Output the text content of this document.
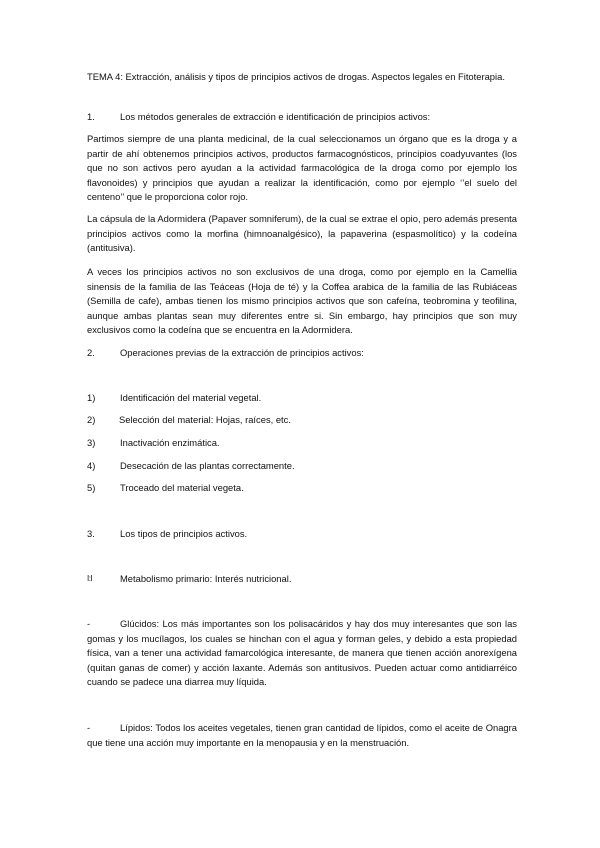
TEMA 4: Extracción, análisis y tipos de principios activos de drogas. Aspectos legales en Fitoterapia.

1.	Los métodos generales de extracción e identificación de principios activos:

Partimos siempre de una planta medicinal, de la cual seleccionamos un órgano que es la droga y a partir de ahí obtenemos principios activos, productos farmacognósticos, principios coadyuvantes (los que no son activos pero ayudan a la actividad farmacológica de la droga como por ejemplo los flavonoides) y principios que ayudan a realizar la identificación, como por ejemplo ‘’el suelo del centeno’’ que le proporciona color rojo.

La cápsula de la Adormidera (Papaver somniferum), de la cual se extrae el opio, pero además presenta principios activos como la morfina (himnoanalgésico), la papaverina (espasmolítico) y la codeína (antitusiva).

A veces los principios activos no son exclusivos de una droga, como por ejemplo en la Camellia sinensis de la familia de las Teáceas (Hoja de té) y la Coffea arabica de la familia de las Rubiáceas (Semilla de cafe), ambas tienen los mismo principios activos que son cafeína, teobromina y teofilina, aunque ambas plantas sean muy diferentes entre si. Sin embargo, hay principios que son muy exclusivos como la codeína que se encuentra en la Adormidera.

2.	Operaciones previas de la extracción de principios activos:
1)	Identificación del material vegetal.
2)	Selección del material: Hojas, raíces, etc.
3)	Inactivación enzimática.
4)	Desecación de las plantas correctamente.
5)	Troceado del material vegeta.
3.	Los tipos de principios activos.
I:I	Metabolismo primario: Interés nutricional.
-	Glúcidos: Los más importantes son los polisacáridos y hay dos muy interesantes que son las gomas y los mucílagos, los cuales se hinchan con el agua y forman geles, y debido a esta propiedad física, van a tener una actividad famarcológica interesante, de manera que tienen acción anorexígena (quitan ganas de comer) y acción laxante. Además son antitusivos. Pueden actuar como antidiarréico cuando se padece una diarrea muy líquida.

-	Lípidos: Todos los aceites vegetales, tienen gran cantidad de lípidos, como el aceite de Onagra que tiene una acción muy importante en la menopausia y en la menstruación.
